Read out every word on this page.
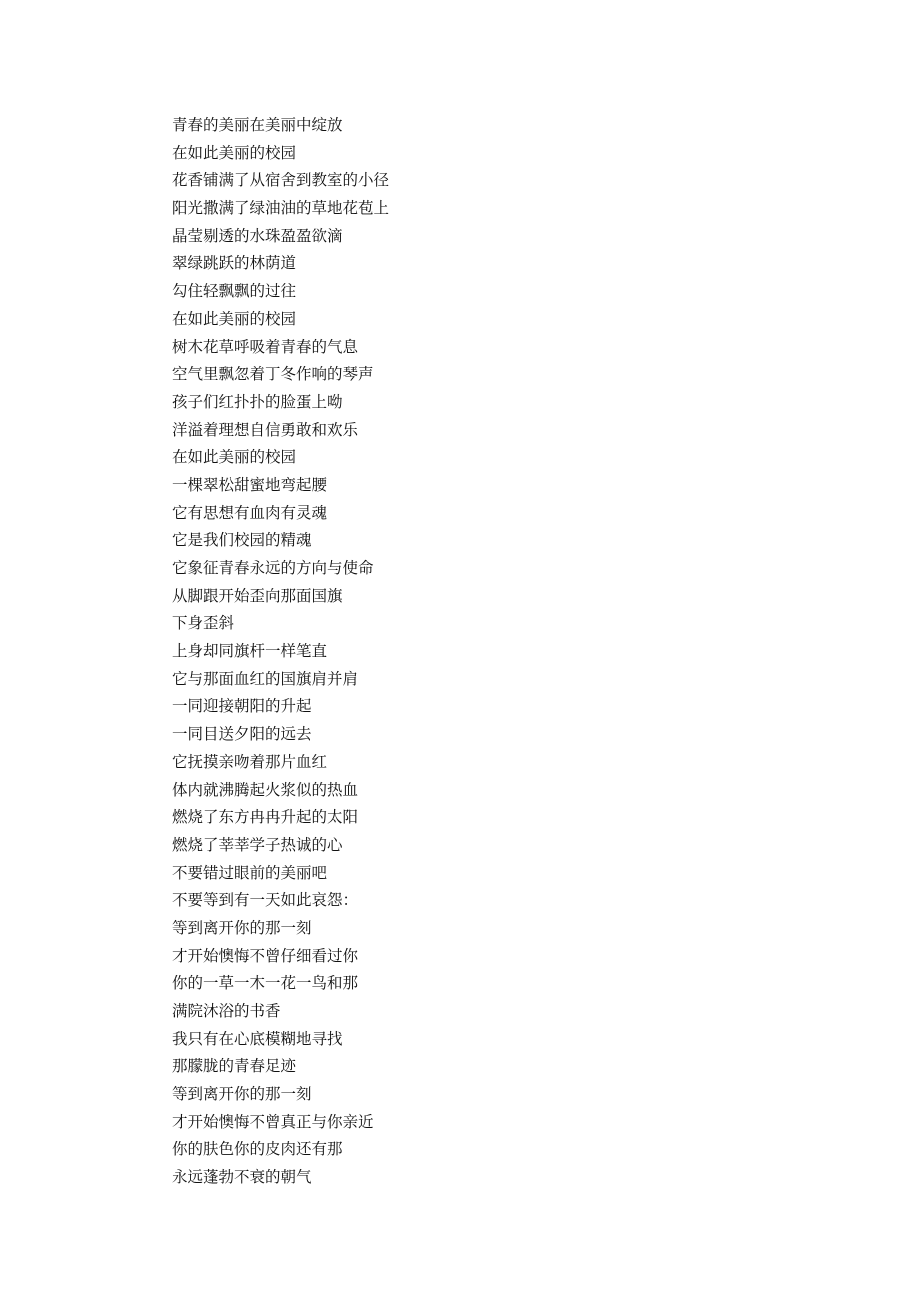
青春的美丽在美丽中绽放
在如此美丽的校园
花香铺满了从宿舍到教室的小径
阳光撒满了绿油油的草地花苞上
晶莹剔透的水珠盈盈欲滴
翠绿跳跃的林荫道
勾住轻飘飘的过往
在如此美丽的校园
树木花草呼吸着青春的气息
空气里飘忽着丁冬作响的琴声
孩子们红扑扑的脸蛋上呦
洋溢着理想自信勇敢和欢乐
在如此美丽的校园
一棵翠松甜蜜地弯起腰
它有思想有血肉有灵魂
它是我们校园的精魂
它象征青春永远的方向与使命
从脚跟开始歪向那面国旗
下身歪斜
上身却同旗杆一样笔直
它与那面血红的国旗肩并肩
一同迎接朝阳的升起
一同目送夕阳的远去
它抚摸亲吻着那片血红
体内就沸腾起火浆似的热血
燃烧了东方冉冉升起的太阳
燃烧了莘莘学子热诚的心
不要错过眼前的美丽吧
不要等到有一天如此哀怨：
等到离开你的那一刻
才开始懊悔不曾仔细看过你
你的一草一木一花一鸟和那
满院沐浴的书香
我只有在心底模糊地寻找
那朦胧的青春足迹
等到离开你的那一刻
才开始懊悔不曾真正与你亲近
你的肤色你的皮肉还有那
永远蓬勃不衰的朝气
